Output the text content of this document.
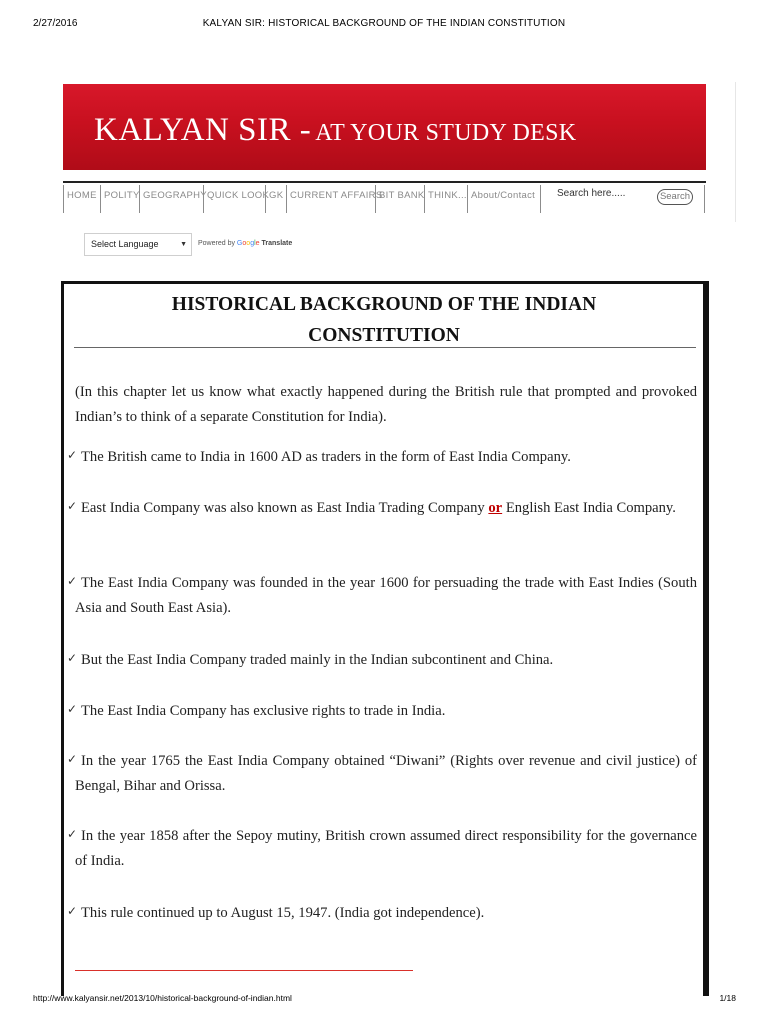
2/27/2016	KALYAN SIR: HISTORICAL BACKGROUND OF THE INDIAN CONSTITUTION
KALYAN SIR - AT YOUR STUDY DESK
HOME POLITY GEOGRAPHY QUICK LOOK GK CURRENT AFFAIRS
BIT BANK THINK... About/Contact	Search here.....	Search
Select Language	▼ Powered by Google Translate
HISTORICAL BACKGROUND OF THE INDIAN
CONSTITUTION
(In this chapter let us know what exactly happened during the British rule that prompted and provoked Indian’s to think of a separate Constitution for India).
✓ The British came to India in 1600 AD as traders in the form of East India Company.
✓ East India Company was also known as East India Trading Company or English East India Company.
✓ The East India Company was founded in the year 1600 for persuading the trade with East Indies (South Asia and South East Asia).
✓ But the East India Company traded mainly in the Indian subcontinent and China.
✓ The East India Company has exclusive rights to trade in India.
✓ In the year 1765 the East India Company obtained “Diwani” (Rights over revenue and civil justice) of Bengal, Bihar and Orissa.
✓ In the year 1858 after the Sepoy mutiny, British crown assumed direct responsibility for the governance of India.
✓ This rule continued up to August 15, 1947. (India got independence).
http://www.kalyansir.net/2013/10/historical-background-of-indian.html	1/18
